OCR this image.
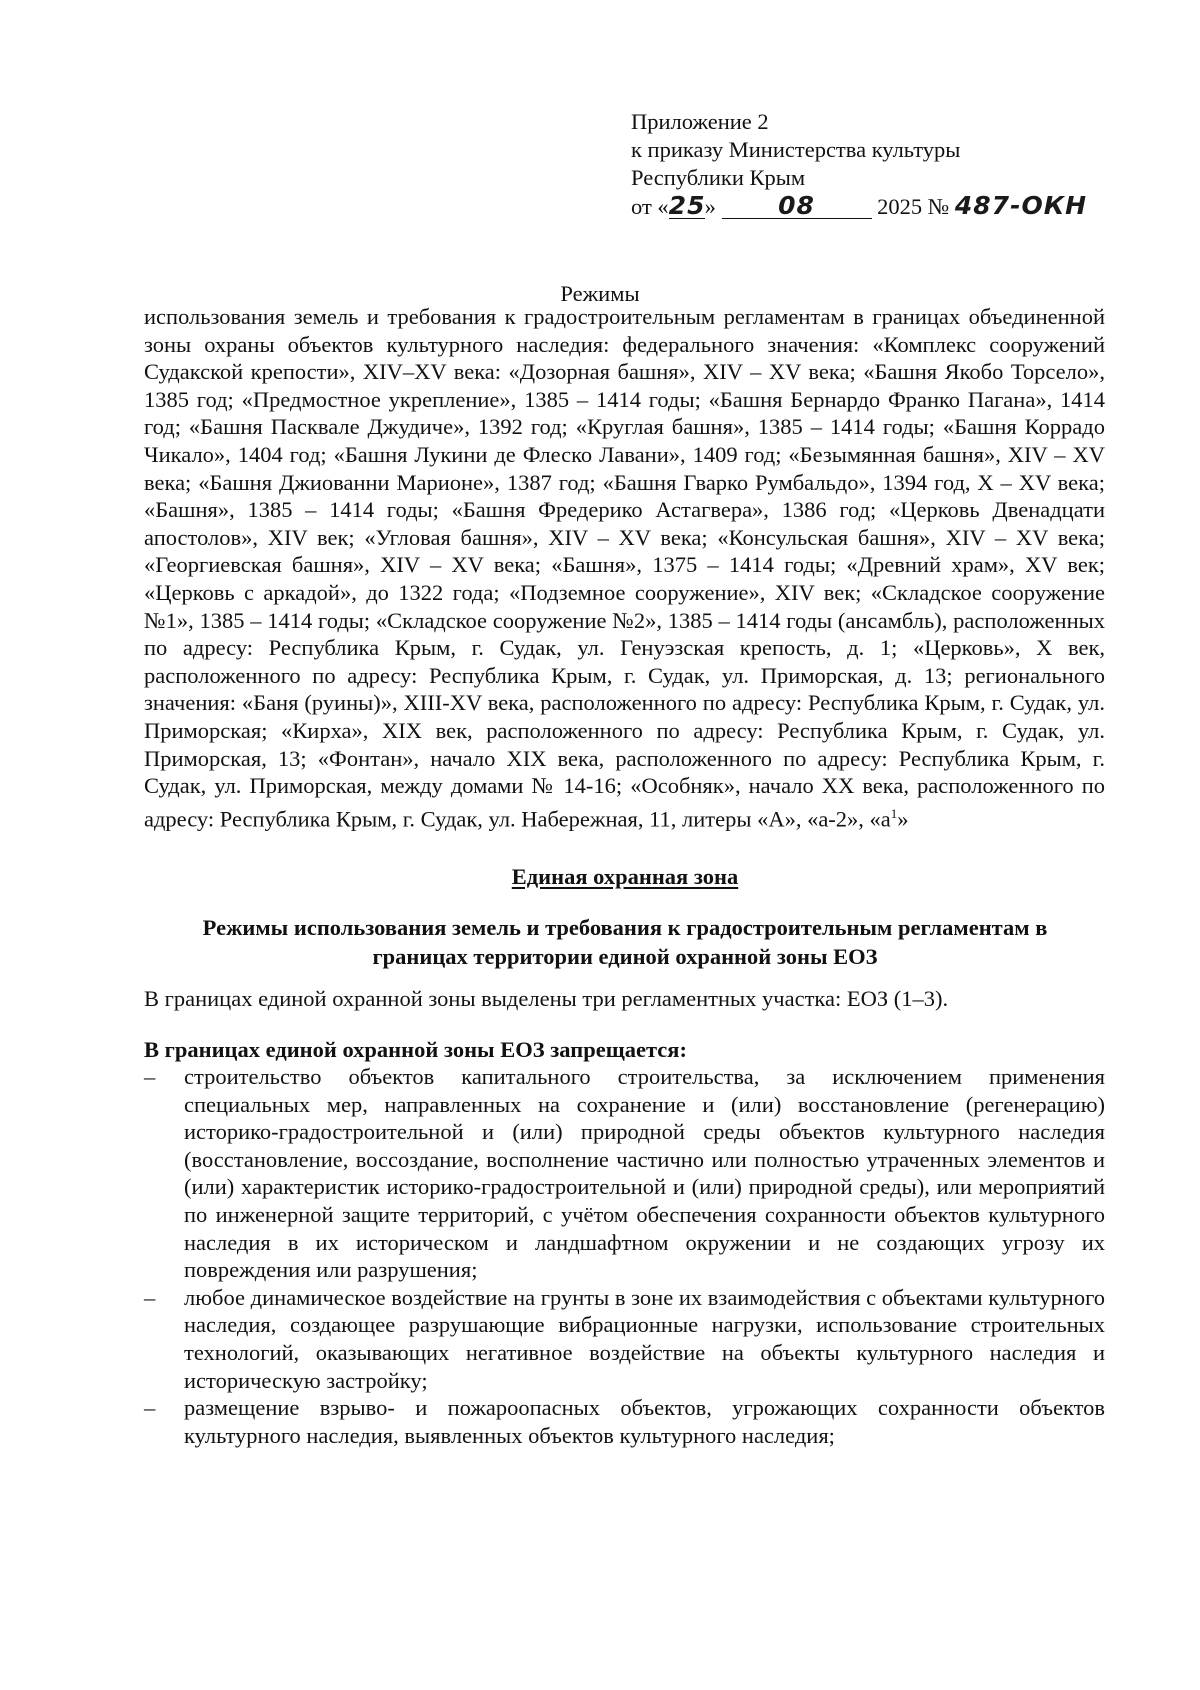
Приложение 2
к приказу Министерства культуры
Республики Крым
от «25» 08	2025 № 487-ОКН
Режимы
использования земель и требования к градостроительным регламентам в границах объединенной зоны охраны объектов культурного наследия: федерального значения: «Комплекс сооружений Судакской крепости», XIV–XV века: «Дозорная башня», XIV – XV века; «Башня Якобо Торсело», 1385 год; «Предмостное укрепление», 1385 – 1414 годы; «Башня Бернардо Франко Пагана», 1414 год; «Башня Пасквале Джудиче», 1392 год; «Круглая башня», 1385 – 1414 годы; «Башня Коррадо Чикало», 1404 год; «Башня Лукини де Флеско Лавани», 1409 год; «Безымянная башня», XIV – XV века; «Башня Джиованни Марионе», 1387 год; «Башня Гварко Румбальдо», 1394 год, X – XV века; «Башня», 1385 – 1414 годы; «Башня Фредерико Астагвера», 1386 год; «Церковь Двенадцати апостолов», XIV век; «Угловая башня», XIV – XV века; «Консульская башня», XIV – XV века; «Георгиевская башня», XIV – XV века; «Башня», 1375 – 1414 годы; «Древний храм», XV век; «Церковь с аркадой», до 1322 года; «Подземное сооружение», XIV век; «Складское сооружение №1», 1385 – 1414 годы; «Складское сооружение №2», 1385 – 1414 годы (ансамбль), расположенных по адресу: Республика Крым, г. Судак, ул. Генуэзская крепость, д. 1; «Церковь», X век, расположенного по адресу: Республика Крым, г. Судак, ул. Приморская, д. 13; регионального значения: «Баня (руины)», XIII-XV века, расположенного по адресу: Республика Крым, г. Судак, ул. Приморская; «Кирха», XIX век, расположенного по адресу: Республика Крым, г. Судак, ул. Приморская, 13; «Фонтан», начало XIX века, расположенного по адресу: Республика Крым, г. Судак, ул. Приморская, между домами № 14-16; «Особняк», начало XX века, расположенного по адресу: Республика Крым, г. Судак, ул. Набережная, 11, литеры «А», «а-2», «$а^1$»
Единая охранная зона
Режимы использования земель и требования к градостроительным регламентам в
границах территории единой охранной зоны ЕОЗ
В границах единой охранной зоны выделены три регламентных участка: ЕОЗ (1–3).
В границах единой охранной зоны ЕОЗ запрещается:
– строительство объектов капитального строительства, за исключением применения специальных мер, направленных на сохранение и (или) восстановление (регенерацию) историко-градостроительной и (или) природной среды объектов культурного наследия (восстановление, воссоздание, восполнение частично или полностью утраченных элементов и (или) характеристик историко-градостроительной и (или) природной среды), или мероприятий по инженерной защите территорий, с учётом обеспечения сохранности объектов культурного наследия в их историческом и ландшафтном окружении и не создающих угрозу их повреждения или разрушения;
– любое динамическое воздействие на грунты в зоне их взаимодействия с объектами культурного наследия, создающее разрушающие вибрационные нагрузки, использование строительных технологий, оказывающих негативное воздействие на объекты культурного наследия и историческую застройку;
– размещение взрыво- и пожароопасных объектов, угрожающих сохранности объектов культурного наследия, выявленных объектов культурного наследия;
